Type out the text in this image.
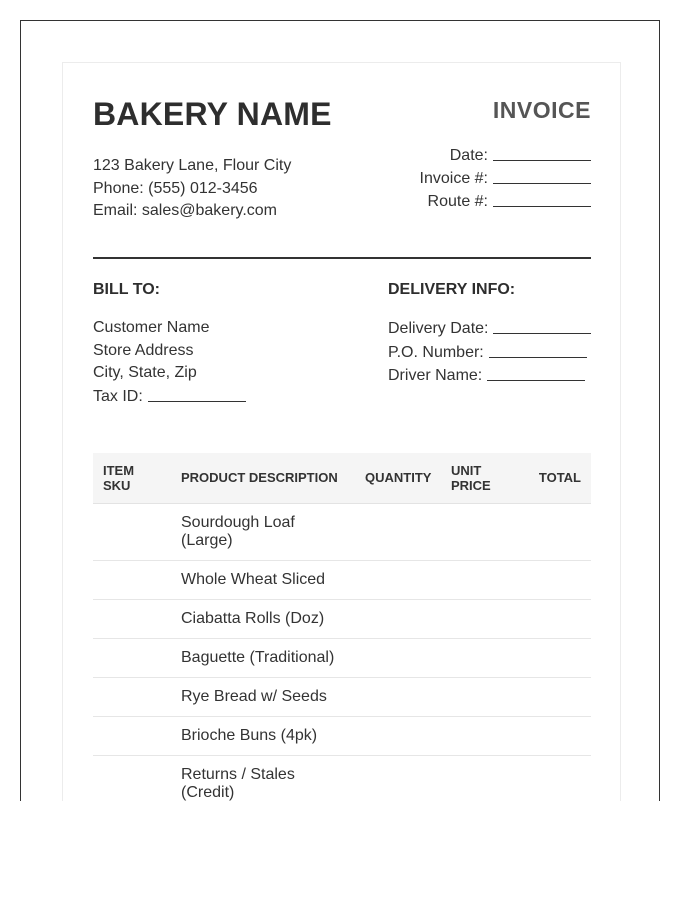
BAKERY NAME	INVOICE
123 Bakery Lane, Flour City
Phone: (555) 012-3456
Email: sales@bakery.com
Date:
Invoice #:
Route #:
BILL TO:	DELIVERY INFO:
Customer Name
Store Address
City, State, Zip
Tax ID:
Delivery Date:
P.O. Number:
Driver Name:
ITEM SKU
PRODUCT DESCRIPTION QUANTITY UNIT PRICE
TOTAL
Sourdough Loaf (Large)
Whole Wheat Sliced
Ciabatta Rolls (Doz)
Baguette (Traditional)
Rye Bread w/ Seeds
Brioche Buns (4pk)
Returns / Stales (Credit)
